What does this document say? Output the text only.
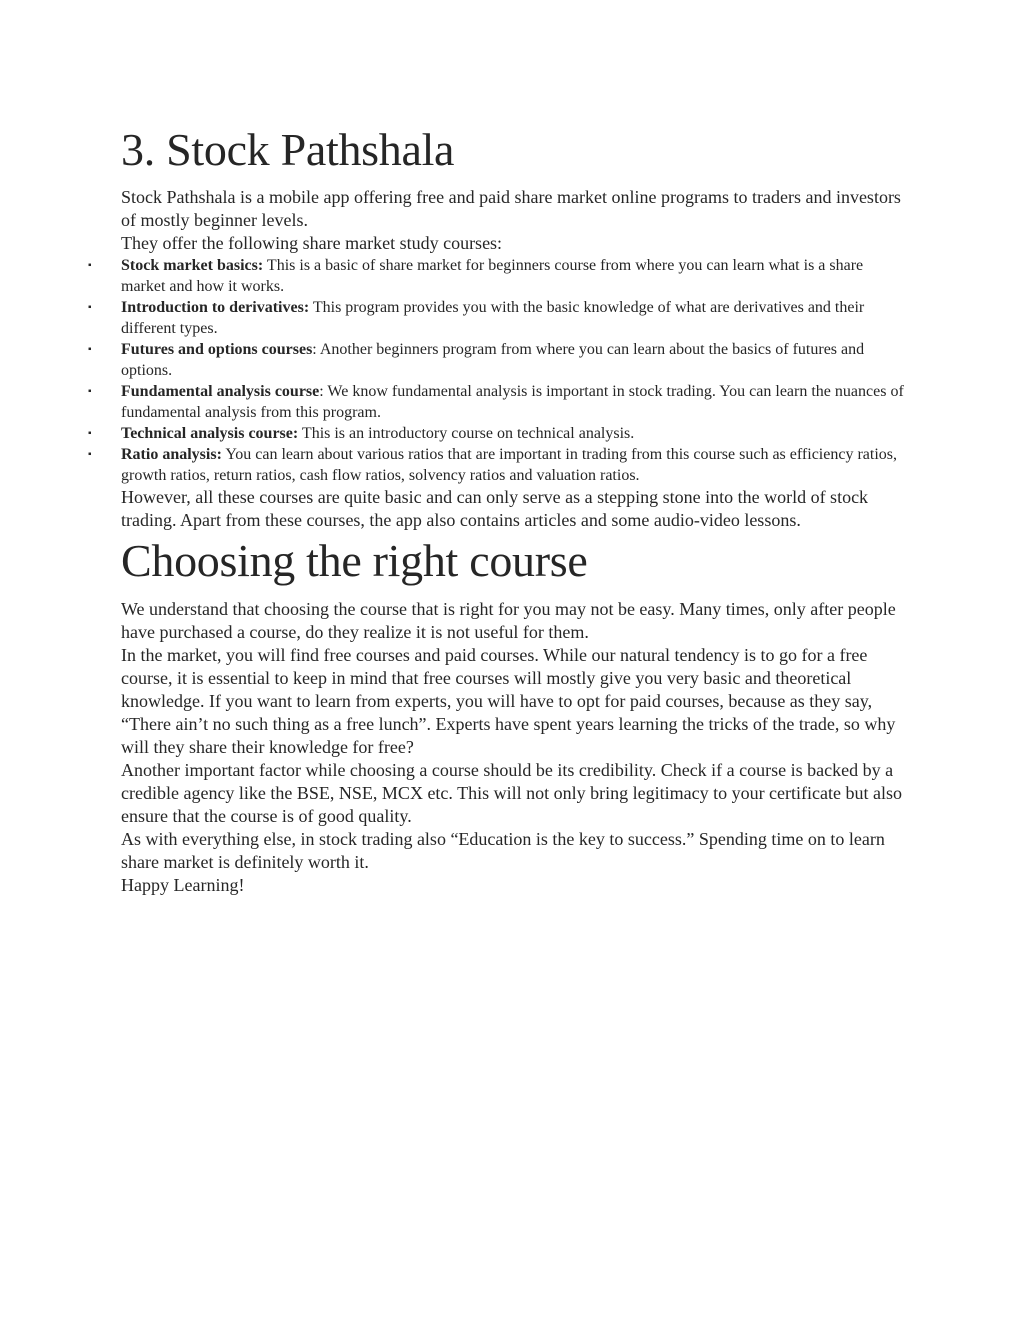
3. Stock Pathshala

Stock Pathshala is a mobile app offering free and paid share market online programs to traders and investors of mostly beginner levels.

They offer the following share market study courses:

▪ Stock market basics: This is a basic of share market for beginners course from where you can learn what is a share market and how it works.
▪ Introduction to derivatives: This program provides you with the basic knowledge of what are derivatives and their different types.
▪ Futures and options courses: Another beginners program from where you can learn about the basics of futures and options.
▪ Fundamental analysis course: We know fundamental analysis is important in stock trading. You can learn the nuances of fundamental analysis from this program.
▪ Technical analysis course: This is an introductory course on technical analysis.
▪ Ratio analysis: You can learn about various ratios that are important in trading from this course such as efficiency ratios, growth ratios, return ratios, cash flow ratios, solvency ratios and valuation ratios.

However, all these courses are quite basic and can only serve as a stepping stone into the world of stock trading. Apart from these courses, the app also contains articles and some audio-video lessons.

Choosing the right course

We understand that choosing the course that is right for you may not be easy. Many times, only after people have purchased a course, do they realize it is not useful for them.

In the market, you will find free courses and paid courses. While our natural tendency is to go for a free course, it is essential to keep in mind that free courses will mostly give you very basic and theoretical knowledge. If you want to learn from experts, you will have to opt for paid courses, because as they say, “There ain’t no such thing as a free lunch”. Experts have spent years learning the tricks of the trade, so why will they share their knowledge for free?

Another important factor while choosing a course should be its credibility. Check if a course is backed by a credible agency like the BSE, NSE, MCX etc. This will not only bring legitimacy to your certificate but also ensure that the course is of good quality.

As with everything else, in stock trading also “Education is the key to success.” Spending time on to learn share market is definitely worth it.

Happy Learning!
